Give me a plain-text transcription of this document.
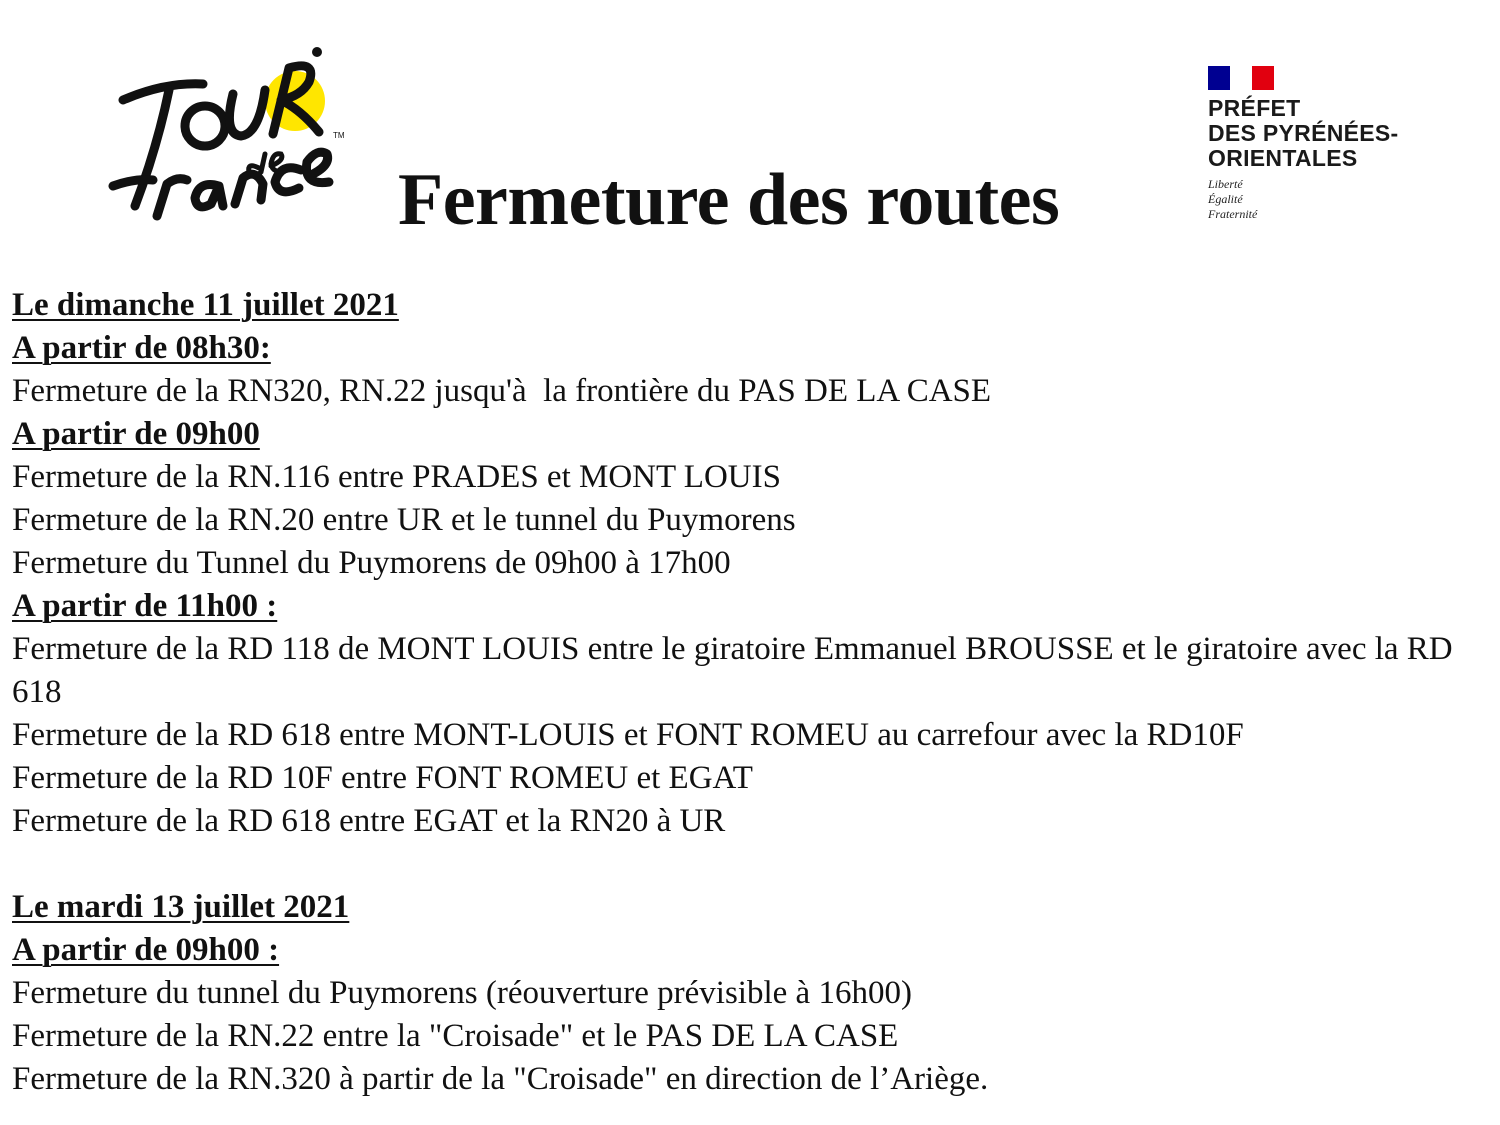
TM
Fermeture des routes
PRÉFET
DES PYRÉNÉES-
ORIENTALES
Liberté
Égalité
Fraternité
Le dimanche 11 juillet 2021
A partir de 08h30:
Fermeture de la RN320, RN.22 jusqu'à  la frontière du PAS DE LA CASE
A partir de 09h00
Fermeture de la RN.116 entre PRADES et MONT LOUIS
Fermeture de la RN.20 entre UR et le tunnel du Puymorens
Fermeture du Tunnel du Puymorens de 09h00 à 17h00
A partir de 11h00 :
Fermeture de la RD 118 de MONT LOUIS entre le giratoire Emmanuel BROUSSE et le giratoire avec la RD 618
Fermeture de la RD 618 entre MONT-LOUIS et FONT ROMEU au carrefour avec la RD10F
Fermeture de la RD 10F entre FONT ROMEU et EGAT
Fermeture de la RD 618 entre EGAT et la RN20 à UR
Le mardi 13 juillet 2021
A partir de 09h00 :
Fermeture du tunnel du Puymorens (réouverture prévisible à 16h00)
Fermeture de la RN.22 entre la "Croisade" et le PAS DE LA CASE
Fermeture de la RN.320 à partir de la "Croisade" en direction de l’Ariège.
